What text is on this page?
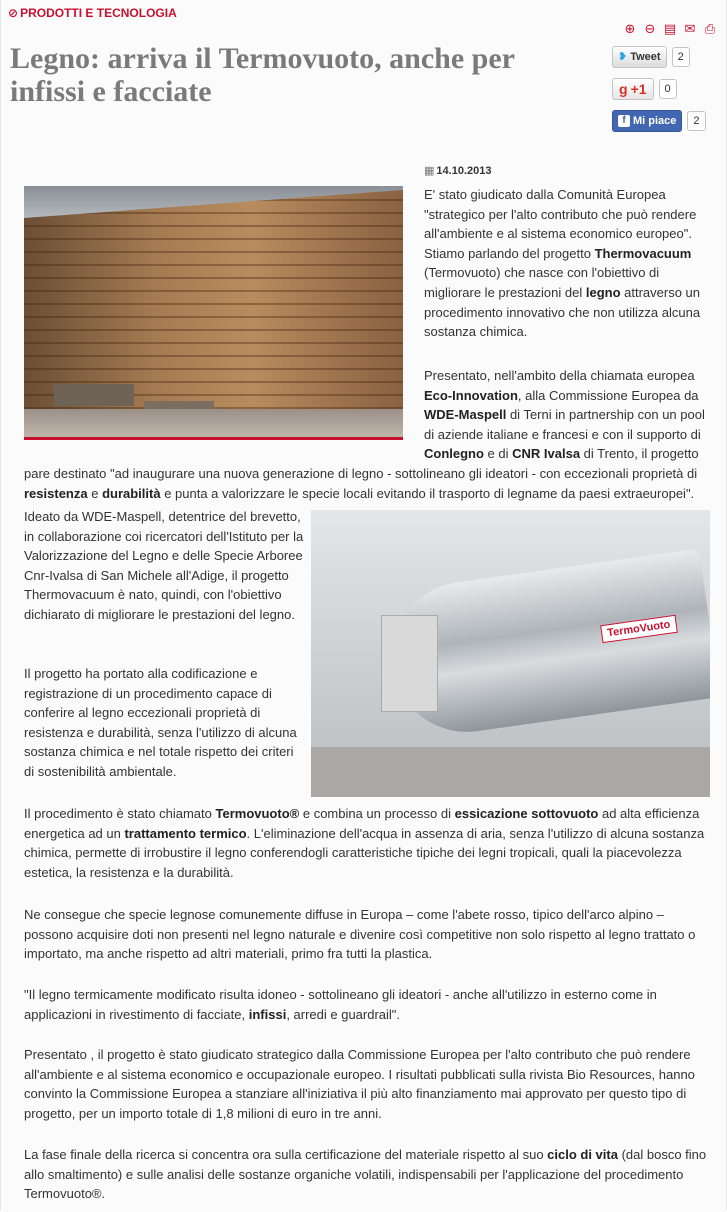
⊘ PRODOTTI E TECNOLOGIA
⊕ ⊖ ▤ ✉ ⎙
Legno: arriva il Termovuoto, anche per infissi e facciate
❥ Tweet	2
g +1	0
f Mi piace	2
▦ 14.10.2013

E' stato giudicato dalla Comunità Europea "strategico per l'alto contributo che può rendere all'ambiente e al sistema economico europeo". Stiamo parlando del progetto Thermovacuum (Termovuoto) che nasce con l'obiettivo di migliorare le prestazioni del legno attraverso un procedimento innovativo che non utilizza alcuna sostanza chimica.

Presentato, nell'ambito della chiamata europea Eco-Innovation, alla Commissione Europea da WDE-Maspell di Terni in partnership con un pool di aziende italiane e francesi e con il supporto di Conlegno e di CNR Ivalsa di Trento, il progetto

pare destinato "ad inaugurare una nuova generazione di legno - sottolineano gli ideatori - con eccezionali proprietà di resistenza e durabilità e punta a valorizzare le specie locali evitando il trasporto di legname da paesi extraeuropei".

TermoVuoto

Ideato da WDE-Maspell, detentrice del brevetto, in collaborazione coi ricercatori dell'Istituto per la Valorizzazione del Legno e delle Specie Arboree Cnr-Ivalsa di San Michele all'Adige, il progetto Thermovacuum è nato, quindi, con l'obiettivo dichiarato di migliorare le prestazioni del legno.

Il progetto ha portato alla codificazione e registrazione di un procedimento capace di conferire al legno eccezionali proprietà di resistenza e durabilità, senza l'utilizzo di alcuna sostanza chimica e nel totale rispetto dei criteri di sostenibilità ambientale.

Il procedimento è stato chiamato Termovuoto® e combina un processo di essicazione sottovuoto ad alta efficienza energetica ad un trattamento termico. L'eliminazione dell'acqua in assenza di aria, senza l'utilizzo di alcuna sostanza chimica, permette di irrobustire il legno conferendogli caratteristiche tipiche dei legni tropicali, quali la piacevolezza estetica, la resistenza e la durabilità.

Ne consegue che specie legnose comunemente diffuse in Europa – come l'abete rosso, tipico dell'arco alpino – possono acquisire doti non presenti nel legno naturale e divenire così competitive non solo rispetto al legno trattato o importato, ma anche rispetto ad altri materiali, primo fra tutti la plastica.

"Il legno termicamente modificato risulta idoneo - sottolineano gli ideatori - anche all'utilizzo in esterno come in applicazioni in rivestimento di facciate, infissi, arredi e guardrail".

Presentato , il progetto è stato giudicato strategico dalla Commissione Europea per l'alto contributo che può rendere all'ambiente e al sistema economico e occupazionale europeo. I risultati pubblicati sulla rivista Bio Resources, hanno convinto la Commissione Europea a stanziare all'iniziativa il più alto finanziamento mai approvato per questo tipo di progetto, per un importo totale di 1,8 milioni di euro in tre anni.

La fase finale della ricerca si concentra ora sulla certificazione del materiale rispetto al suo ciclo di vita (dal bosco fino allo smaltimento) e sulle analisi delle sostanze organiche volatili, indispensabili per l'applicazione del procedimento Termovuoto®.
